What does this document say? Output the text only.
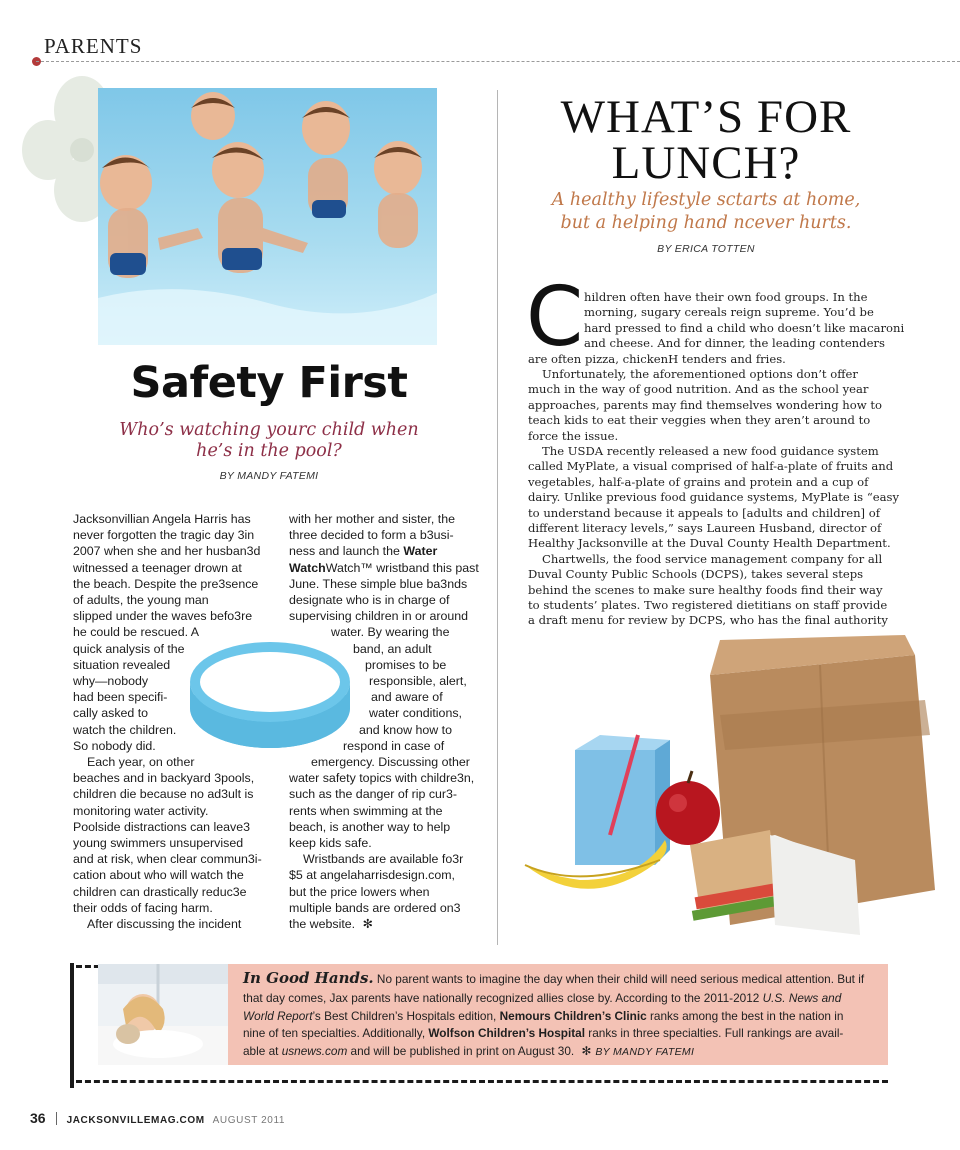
PARENTS
Safety First
Who’s watching yourc child when
he’s in the pool?
BY MANDY FATEMI
Jacksonvillian Angela Harris has
never forgotten the tragic day 3in
2007 when she and her husban3d
witnessed a teenager drown at
the beach. Despite the pre3sence
of adults, the young man
slipped under the waves befo3re
he could be rescued. A
quick analysis of the
situation revealed
why—nobody
had been specifi-
cally asked to
watch the children.
So nobody did.
Each year, on other
beaches and in backyard 3pools,
children die because no ad3ult is
monitoring water activity.
Poolside distractions can leave3
young swimmers unsupervised
and at risk, when clear commun3i-
cation about who will watch the
children can drastically reduc3e
their odds of facing harm.
After discussing the incident
with her mother and sister, the
three decided to form a b3usi-
ness and launch the Water
WatchWatch™ wristband this past
June. These simple blue ba3nds
designate who is in charge of
supervising children in or around
water. By wearing the
band, an adult
promises to be
responsible, alert,
and aware of
water conditions,
and know how to
respond in case of
emergency. Discussing other
water safety topics with childre3n,
such as the danger of rip cur3-
rents when swimming at the
beach, is another way to help
keep kids safe.
Wristbands are available fo3r
$5 at angelaharrisdesign.com,
but the price lowers when
multiple bands are ordered on3
the website. ✻
WHAT’S FOR
LUNCH?
A healthy lifestyle sctarts at home,
but a helping hand ncever hurts.
BY ERICA TOTTEN
C hildren often have their own food groups. In the
morning, sugary cereals reign supreme. You’d be
hard pressed to find a child who doesn’t like macaroni
and cheese. And for dinner, the leading contenders
are often pizza, chickenH tenders and fries.
Unfortunately, the aforementioned options don’t offer
much in the way of good nutrition. And as the school year
approaches, parents may find themselves wondering how to
teach kids to eat their veggies when they aren’t around to
force the issue.
The USDA recently released a new food guidance system
called MyPlate, a visual comprised of half-a-plate of fruits and
vegetables, half-a-plate of grains and protein and a cup of
dairy. Unlike previous food guidance systems, MyPlate is “easy
to understand because it appeals to [adults and children] of
different literacy levels,” says Laureen Husband, director of
Healthy Jacksonville at the Duval County Health Department.
Chartwells, the food service management company for all
Duval County Public Schools (DCPS), takes several steps
behind the scenes to make sure healthy foods find their way
to students’ plates. Two registered dietitians on staff provide
a draft menu for review by DCPS, who has the final authority
In Good Hands. No parent wants to imagine the day when their child will need serious medical attention. But if
that day comes, Jax parents have nationally recognized allies close by. According to the 2011-2012 U.S. News and
World Report’s Best Children’s Hospitals edition, Nemours Children’s Clinic ranks among the best in the nation in
nine of ten specialties. Additionally, Wolfson Children’s Hospital ranks in three specialties. Full rankings are avail-
able at usnews.com and will be published in print on August 30. ✻ BY MANDY FATEMI
36 JACKSONVILLEMAG.COM AUGUST 2011
